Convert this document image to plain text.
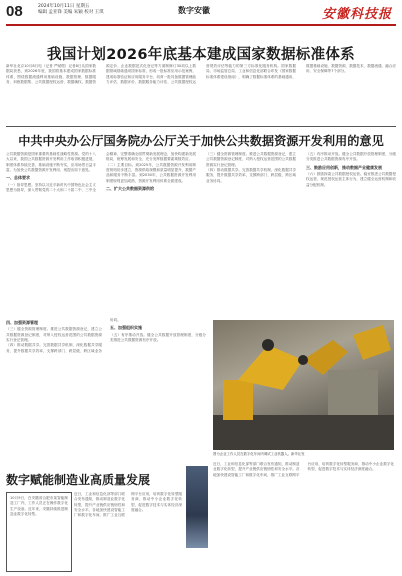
08	2024年10月11日 星期五
编辑 孟亚锋 美编 朱颖 校对 王琪	数字安徽	安徽科技报
我国计划2026年底基本建成国家数据标准体系
新华社北京10月8日电（记者 严赋憬）记者8日从国家数据局获悉，到2026年底，我国将基本建成国家数据标准体系，围绕数据流通利用基础设施、数据管理、数据服务、训练数据集、公共数据授权运营、数据确权、数据资源定价、企业数据范式化登记等方面制修订30项以上数据领域基础通用国家标准，形成一批标准应用示范案例，建成标准验证和应用服务平台，培育一批具备数据管理能力评估、数据评价、数据服务能力评估、公共数据授权运营绩效评估等能力的第三方标准化服务机构。国家数据局、市场监管总局、工业和信息化部联合印发《国家数据标准体系建设指南》，明确了数据标准体系的基础通用、数据基础设施、数据资源、数据技术、数据流通、融合应用、安全保障等7个部分。
中共中央办公厅国务院办公厅关于加快公共数据资源开发利用的意见
公共数据资源是国家重要的基础性战略性资源。党的十八大以来，我国公共数据资源开发利用工作取得积极进展，制度体系持续完善，基础设施不断夯实，应用场景日益丰富。为加快公共数据资源开发利用，现提出如下意见。
一、总体要求
（一）指导思想。坚持以习近平新时代中国特色社会主义思想为指导，深入贯彻党的二十大和二十届二中、三中全会精神，完整准确全面贯彻新发展理念，加快构建新发展格局，统筹发展和安全，充分发挥数据要素乘数效应。
（二）主要目标。到2025年，公共数据资源开发利用制度规则初步建立，资源供给规模和质量明显提升，数据产品和服务不断丰富。到2030年，公共数据资源开发利用制度规则更加成熟，资源开发利用体系全面建成。
二、扩大公共数据资源供给
（三）健全资源管理制度。推进公共数据资源登记，建立公共数据资源登记制度，对纳入授权运营范围的公共数据资源实行登记管理。
（四）推动数据共享。完善数据共享机制，深化数据共享服务，提升数据共享效率，支撑跨部门、跨层级、跨区域业务协同。
（五）有序推动开放。健全公共数据开放管理制度，分级分类推进公共数据资源有序开放。
三、鼓励应用创新，推动数据产业健康发展
（六）鼓励探索公共数据授权运营。稳妥推进公共数据授权运营，规范授权运营主体行为，建立健全运营机制和收益分配机制。
四、加强资源管理
（三）健全资源管理制度。推进公共数据资源登记，建立公共数据资源登记制度，对纳入授权运营范围的公共数据资源实行登记管理。
（四）推动数据共享。完善数据共享机制，深化数据共享服务，提升数据共享效率，支撑跨部门、跨层级、跨区域业务协同。
五、加强组织实施
（五）有序推动开放。健全公共数据开放管理制度，分级分类推进公共数据资源有序开放。
图为企业工作人员在数字化车间内调试工业机器人。新华社发
近日，工业和信息化部等部门联合发布通知，推动制造业数字化转型，提升产业链供应链韧性和安全水平。各地加快建设智能工厂和数字化车间，推广工业互联网平台应用，培育数字化转型服务商，推动中小企业数字化转型，促进数字技术与实体经济深度融合。
数字赋能制造业高质量发展
10月9日，在安徽省合肥市某智能制造工厂内，工作人员正在操作数字化生产设备。近年来，安徽持续推进制造业数字化转型。
近日，工业和信息化部等部门联合发布通知，推动制造业数字化转型，提升产业链供应链韧性和安全水平。各地加快建设智能工厂和数字化车间，推广工业互联网平台应用，培育数字化转型服务商，推动中小企业数字化转型，促进数字技术与实体经济深度融合。
